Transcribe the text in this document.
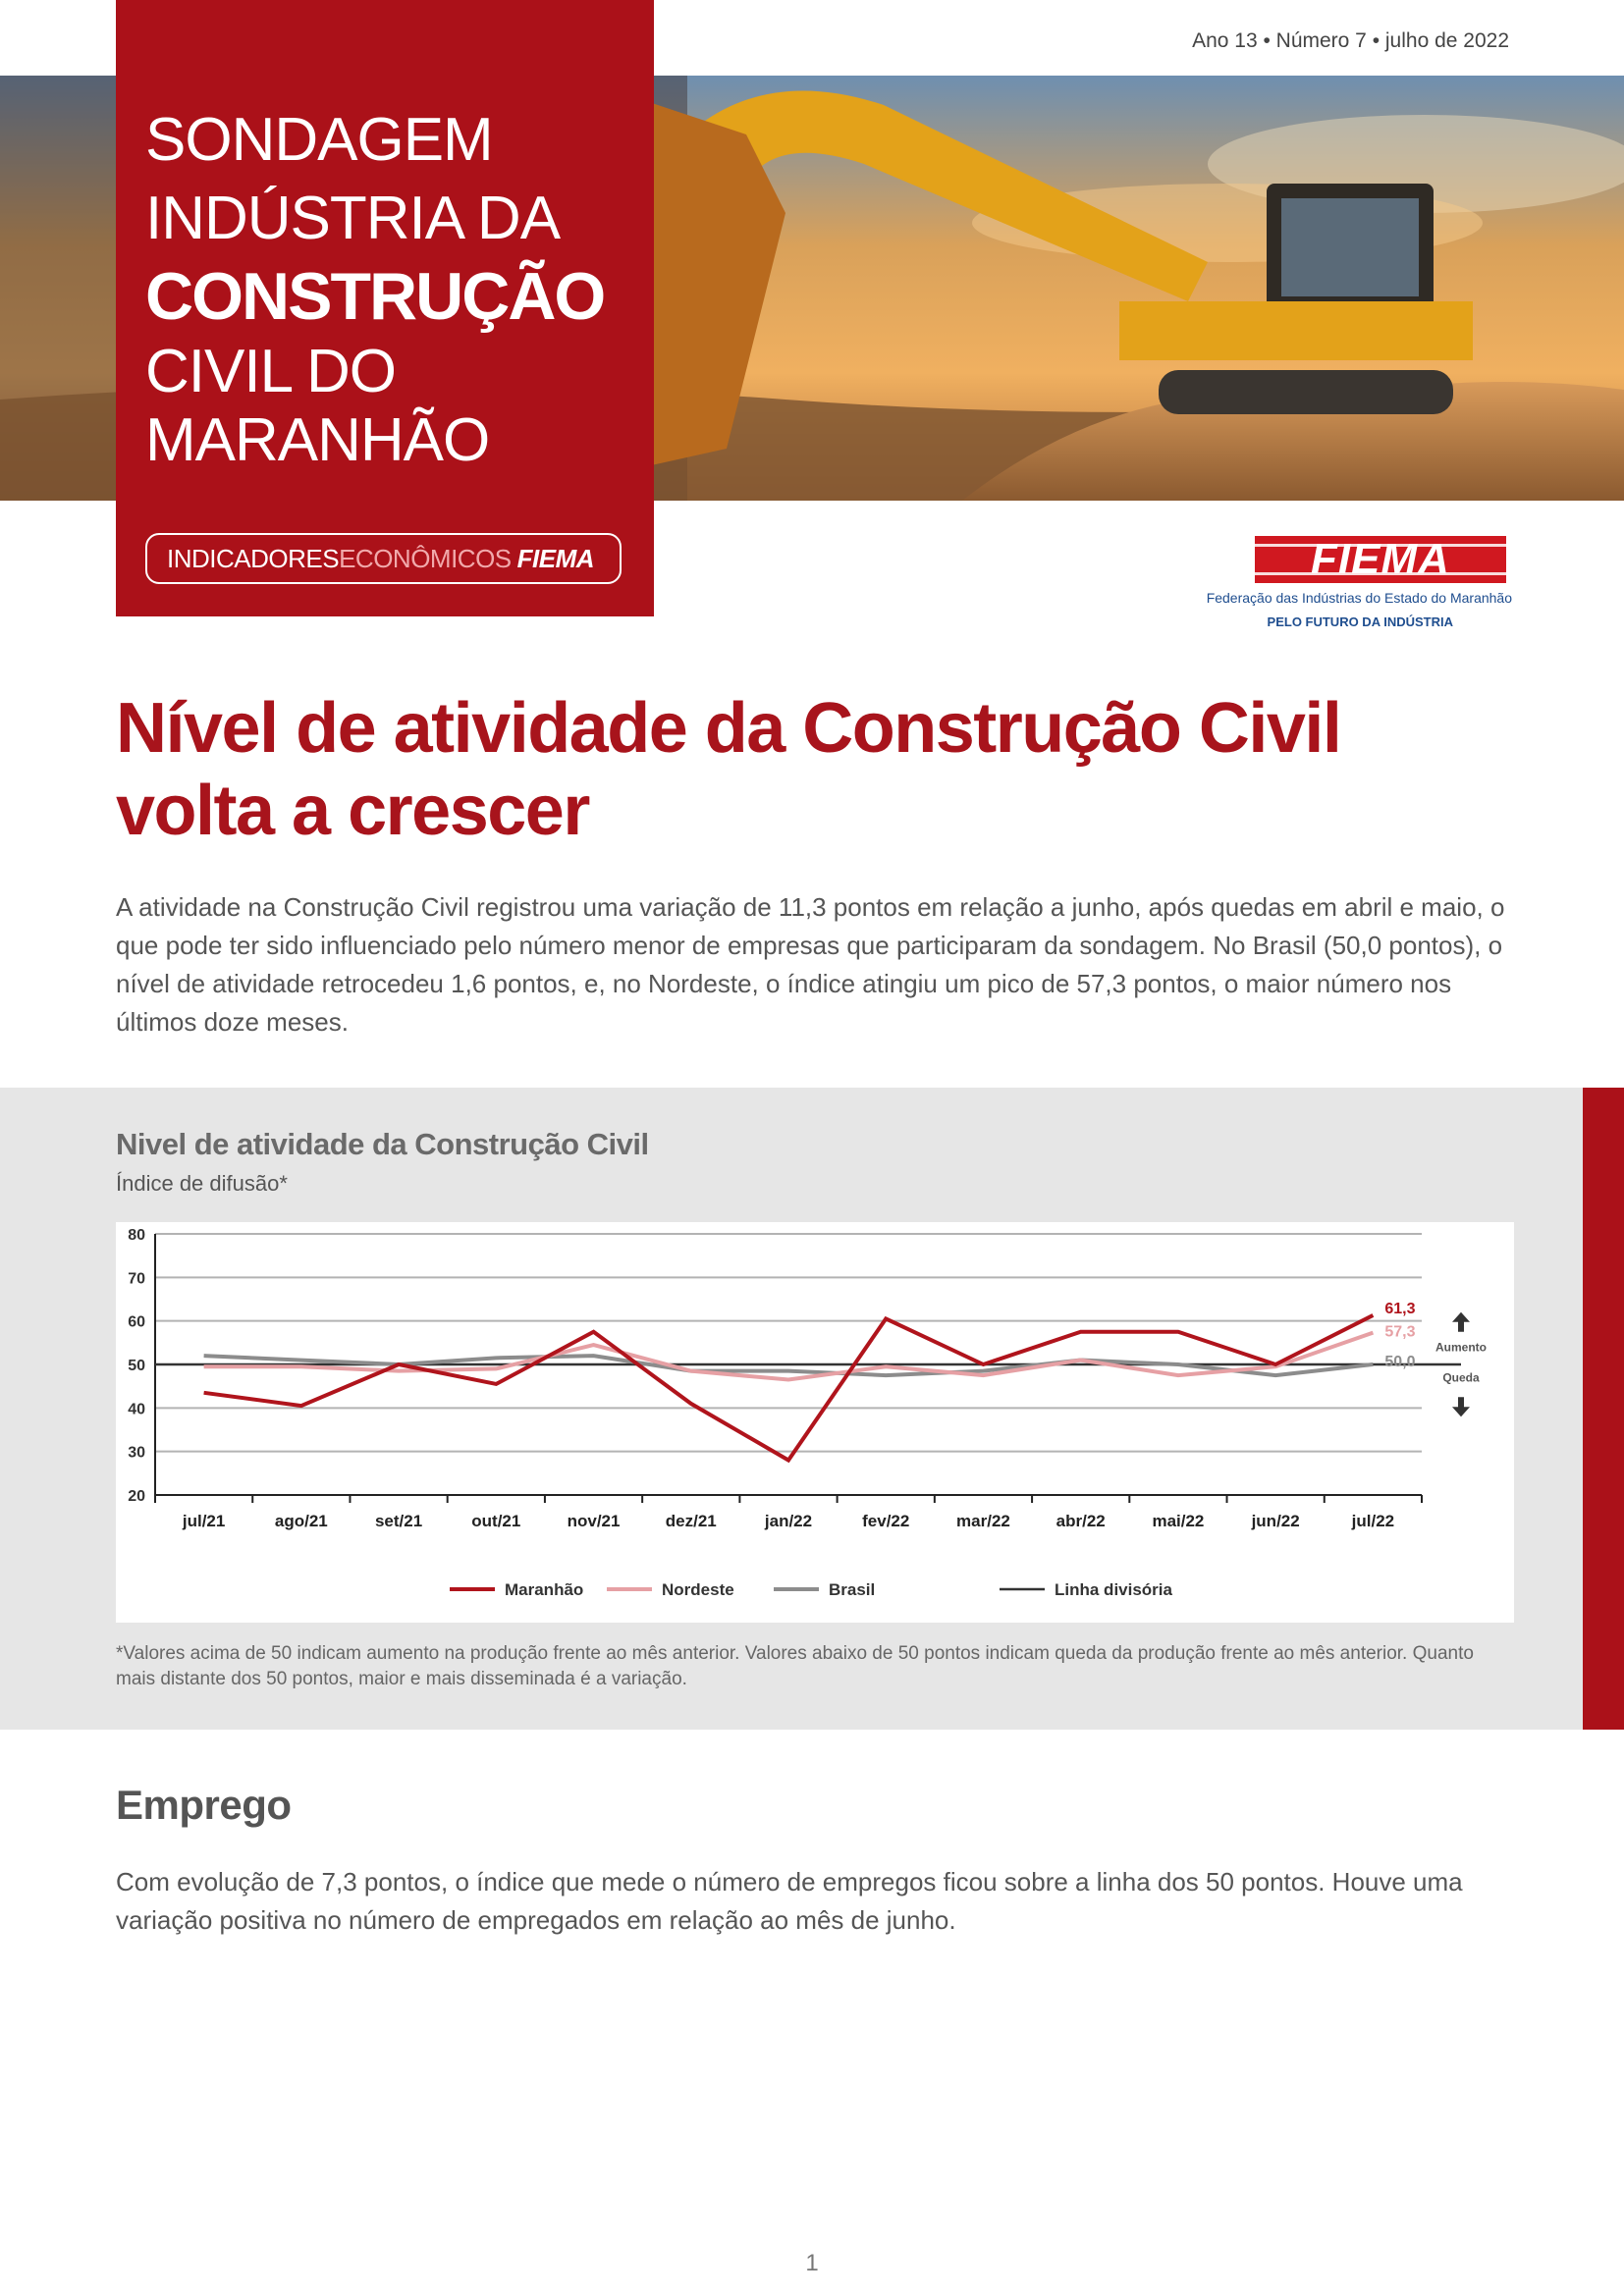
Ano 13 • Número 7 • julho de 2022
SONDAGEM
INDÚSTRIA DA
CONSTRUÇÃO
CIVIL DO
MARANHÃO
INDICADORES ECONÔMICOS FIEMA	FIEMA
Federação das Indústrias do Estado do Maranhão
PELO FUTURO DA INDÚSTRIA
Nível de atividade da Construção Civil
volta a crescer

A atividade na Construção Civil registrou uma variação de 11,3 pontos em relação a junho, após quedas em abril e maio, o que pode ter sido influenciado pelo número menor de empresas que participaram da sondagem. No Brasil (50,0 pontos), o nível de atividade retrocedeu 1,6 pontos, e, no Nordeste, o índice atingiu um pico de 57,3 pontos, o maior número nos últimos doze meses.

Nivel de atividade da Construção Civil
Índice de difusão*
20
30
40
50
60
70
80
jul/21	ago/21	set/21	out/21	nov/21	dez/21	jan/22	fev/22	mar/22	abr/22	mai/22	jun/22	jul/22
61,3
57,3
50,0
Aumento
Queda
Maranhão	Nordeste	Brasil	Linha divisória

*Valores acima de 50 indicam aumento na produção frente ao mês anterior. Valores abaixo de 50 pontos indicam queda da produção frente ao mês anterior. Quanto mais distante dos 50 pontos, maior e mais disseminada é a variação.

Emprego

Com evolução de 7,3 pontos, o índice que mede o número de empregos ficou sobre a linha dos 50 pontos. Houve uma variação positiva no número de empregados em relação ao mês de junho.

1
